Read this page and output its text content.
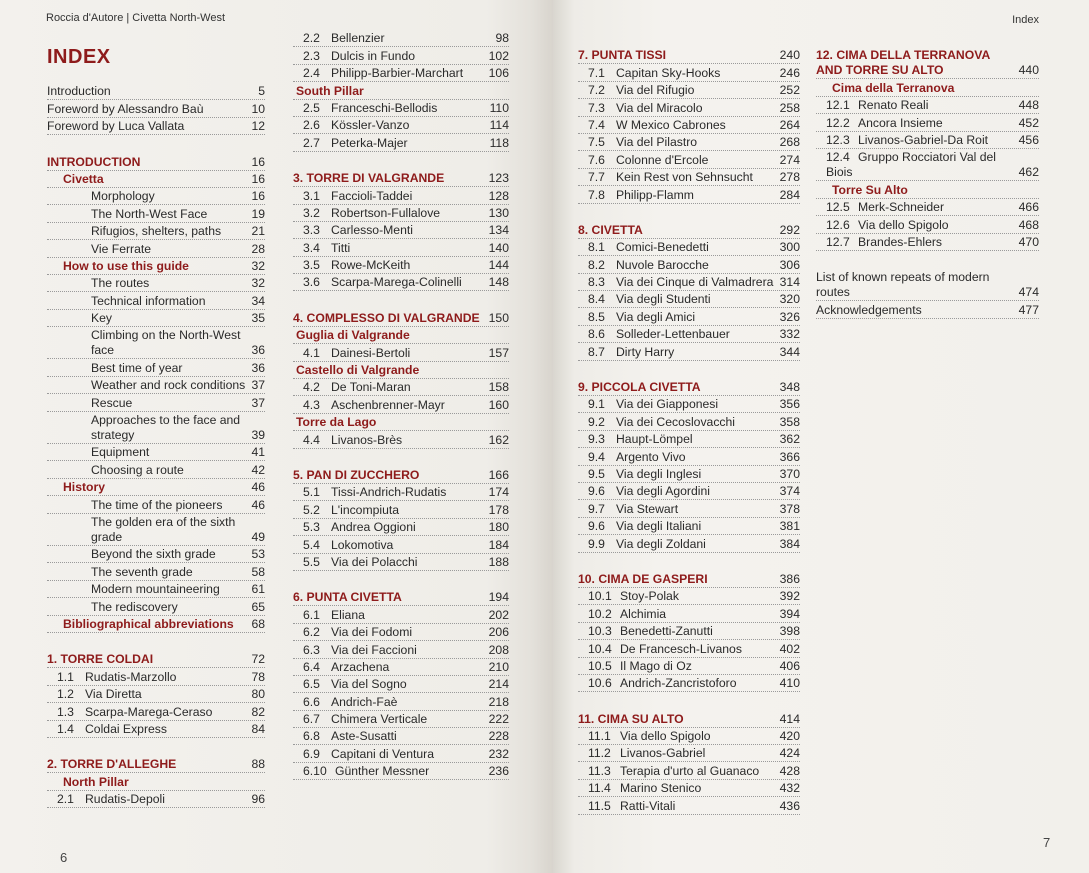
Roccia d'Autore | Civetta North-West
INDEX
Introduction	5
Foreword by Alessandro Baù	10
Foreword by Luca Vallata	12
INTRODUCTION	16
Civetta	16
Morphology	16
The North-West Face	19
Rifugios, shelters, paths	21
Vie Ferrate	28
How to use this guide	32
The routes	32
Technical information	34
Key	35
Climbing on the North-West face	36
Best time of year	36
Weather and rock conditions 37
Rescue	37
Approaches to the face and strategy	39
Equipment	41
Choosing a route	42
History	46
The time of the pioneers	46
The golden era of the sixth grade	49
Beyond the sixth grade	53
The seventh grade	58
Modern mountaineering	61
The rediscovery	65
Bibliographical abbreviations	68
1. TORRE COLDAI	72
1.1 Rudatis-Marzollo	78
1.2 Via Diretta	80
1.3 Scarpa-Marega-Ceraso	82
1.4 Coldai Express	84
2. TORRE D'ALLEGHE	88
North Pillar
2.1 Rudatis-Depoli	96
2.2 Bellenzier	98
2.3 Dulcis in Fundo	102
2.4 Philipp-Barbier-Marchart	106
South Pillar
2.5 Franceschi-Bellodis	110
2.6 Kössler-Vanzo	114
2.7 Peterka-Majer	118
3. TORRE DI VALGRANDE	123
3.1 Faccioli-Taddei	128
3.2 Robertson-Fullalove	130
3.3 Carlesso-Menti	134
3.4 Titti	140
3.5 Rowe-McKeith	144
3.6 Scarpa-Marega-Colinelli	148
4. COMPLESSO DI VALGRANDE 150
Guglia di Valgrande
4.1 Dainesi-Bertoli	157
Castello di Valgrande
4.2 De Toni-Maran	158
4.3 Aschenbrenner-Mayr	160
Torre da Lago
4.4 Livanos-Brès	162
5. PAN DI ZUCCHERO	166
5.1 Tissi-Andrich-Rudatis	174
5.2 L'incompiuta	178
5.3 Andrea Oggioni	180
5.4 Lokomotiva	184
5.5 Via dei Polacchi	188
6. PUNTA CIVETTA	194
6.1 Eliana	202
6.2 Via dei Fodomi	206
6.3 Via dei Faccioni	208
6.4 Arzachena	210
6.5 Via del Sogno	214
6.6 Andrich-Faè	218
6.7 Chimera Verticale	222
6.8 Aste-Susatti	228
6.9 Capitani di Ventura	232
6.10 Günther Messner	236
6
Index
7. PUNTA TISSI	240
7.1 Capitan Sky-Hooks	246
7.2 Via del Rifugio	252
7.3 Via del Miracolo	258
7.4 W Mexico Cabrones	264
7.5 Via del Pilastro	268
7.6 Colonne d'Ercole	274
7.7 Kein Rest von Sehnsucht	278
7.8 Philipp-Flamm	284
8. CIVETTA	292
8.1 Comici-Benedetti	300
8.2 Nuvole Barocche	306
8.3 Via dei Cinque di Valmadrera 314
8.4 Via degli Studenti	320
8.5 Via degli Amici	326
8.6 Solleder-Lettenbauer	332
8.7 Dirty Harry	344
9. PICCOLA CIVETTA	348
9.1 Via dei Giapponesi	356
9.2 Via dei Cecoslovacchi	358
9.3 Haupt-Lömpel	362
9.4 Argento Vivo	366
9.5 Via degli Inglesi	370
9.6 Via degli Agordini	374
9.7 Via Stewart	378
9.6 Via degli Italiani	381
9.9 Via degli Zoldani	384
10. CIMA DE GASPERI	386
10.1 Stoy-Polak	392
10.2 Alchimia	394
10.3 Benedetti-Zanutti	398
10.4 De Francesch-Livanos	402
10.5 Il Mago di Oz	406
10.6 Andrich-Zancristoforo	410
11. CIMA SU ALTO	414
11.1 Via dello Spigolo	420
11.2 Livanos-Gabriel	424
11.3 Terapia d'urto al Guanaco	428
11.4 Marino Stenico	432
11.5 Ratti-Vitali	436
12. CIMA DELLA TERRANOVA AND TORRE SU ALTO	440
Cima della Terranova
12.1 Renato Reali	448
12.2 Ancora Insieme	452
12.3 Livanos-Gabriel-Da Roit	456
12.4 Gruppo Rocciatori Val del Biois	462
Torre Su Alto
12.5 Merk-Schneider	466
12.6 Via dello Spigolo	468
12.7 Brandes-Ehlers	470
List of known repeats of modern routes	474
Acknowledgements	477
7
